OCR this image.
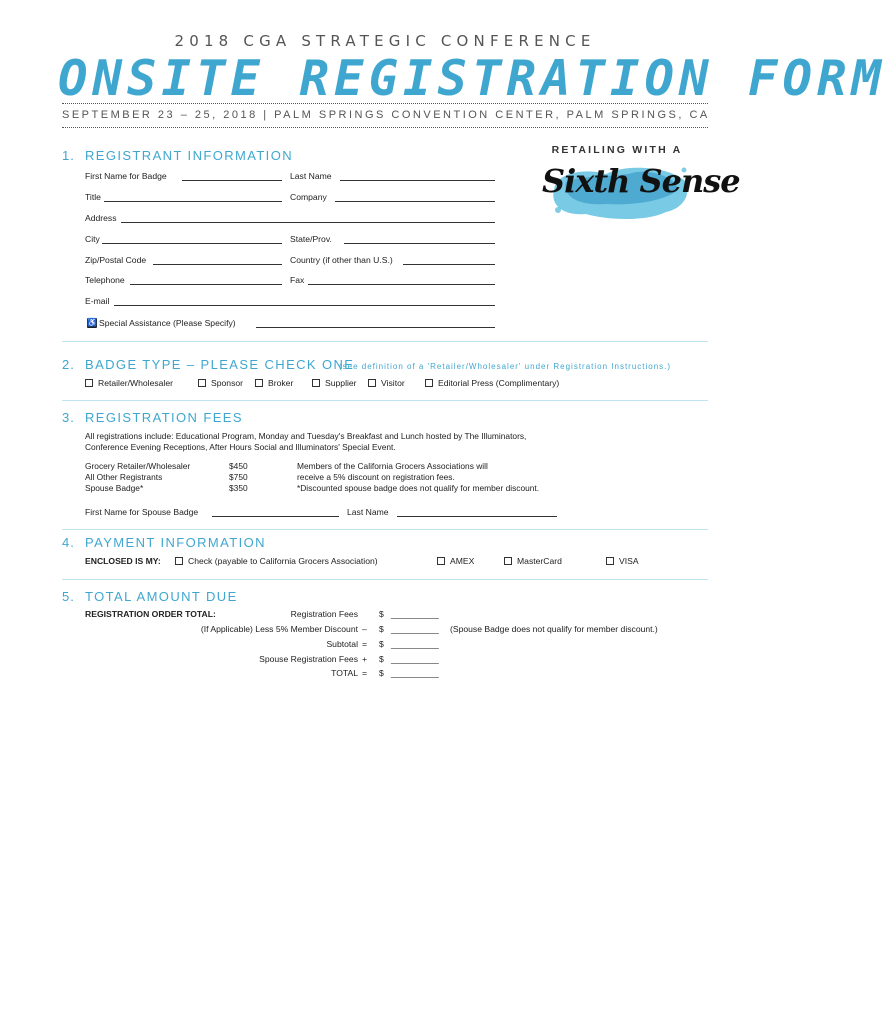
2018 CGA STRATEGIC CONFERENCE
ONSITE REGISTRATION FORM
SEPTEMBER 23 – 25, 2018 | PALM SPRINGS CONVENTION CENTER, PALM SPRINGS, CA
RETAILING WITH A
Sixth Sense
1. REGISTRANT INFORMATION
First Name for Badge	Last Name
Title	Company
Address
City	State/Prov.
Zip/Postal Code	Country (if other than U.S.)
Telephone	Fax
E-mail
♿ Special Assistance (Please Specify)
2. BADGE TYPE – PLEASE CHECK ONE
(see definition of a 'Retailer/Wholesaler' under Registration Instructions.)
Retailer/Wholesaler	Sponsor	Broker	Supplier	Visitor	Editorial Press (Complimentary)
3. REGISTRATION FEES
All registrations include: Educational Program, Monday and Tuesday's Breakfast and Lunch hosted by The Illuminators,
Conference Evening Receptions, After Hours Social and Illuminators' Special Event.
Grocery Retailer/Wholesaler	$450
All Other Registrants	$750
Spouse Badge*	$350
Members of the California Grocers Associations will
receive a 5% discount on registration fees.
*Discounted spouse badge does not qualify for member discount.
First Name for Spouse Badge	Last Name
4. PAYMENT INFORMATION
ENCLOSED IS MY:	Check (payable to California Grocers Association)	AMEX	MasterCard	VISA
5. TOTAL AMOUNT DUE
REGISTRATION ORDER TOTAL:	Registration Fees $ __________
(If Applicable) Less 5% Member Discount – $ __________ (Spouse Badge does not qualify for member discount.)
Subtotal = $ __________
Spouse Registration Fees + $ __________
TOTAL = $ __________
